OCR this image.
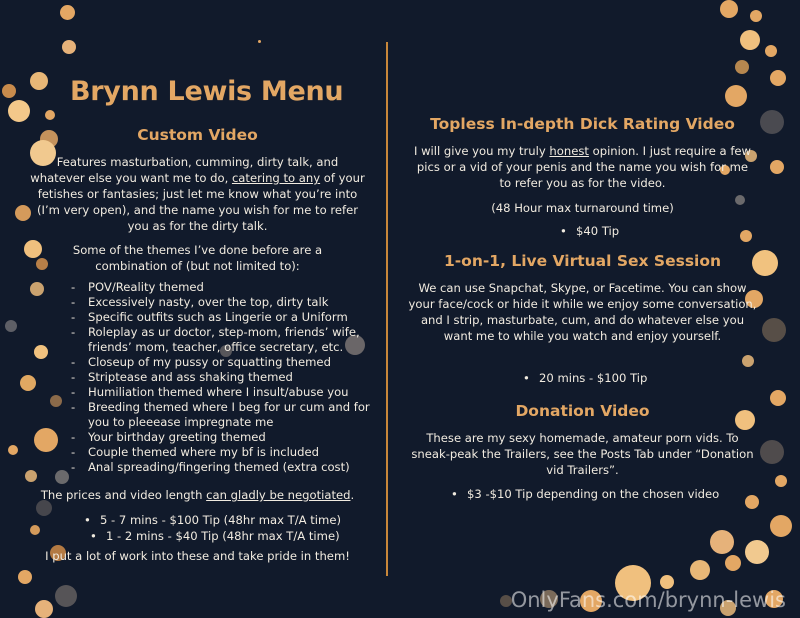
Brynn Lewis Menu
Custom Video

Features masturbation, cumming, dirty talk, and whatever else you want me to do, catering to any of your fetishes or fantasies; just let me know what you’re into (I’m very open), and the name you wish for me to refer you as for the dirty talk.

Some of the themes I’ve done before are a combination of (but not limited to):

- POV/Reality themed
- Excessively nasty, over the top, dirty talk
- Specific outfits such as Lingerie or a Uniform
- Roleplay as ur doctor, step-mom, friends’ wife, friends’ mom, teacher, office secretary, etc.
- Closeup of my pussy or squatting themed
- Striptease and ass shaking themed
- Humiliation themed where I insult/abuse you
- Breeding themed where I beg for ur cum and for you to pleeease impregnate me
- Your birthday greeting themed
- Couple themed where my bf is included
- Anal spreading/fingering themed (extra cost)

The prices and video length can gladly be negotiated.

• 5 - 7 mins - $100 Tip (48hr max T/A time)
• 1 - 2 mins - $40 Tip (48hr max T/A time)

I put a lot of work into these and take pride in them!

Topless In-depth Dick Rating Video

I will give you my truly honest opinion. I just require a few pics or a vid of your penis and the name you wish for me to refer you as for the video.

(48 Hour max turnaround time)

• $40 Tip
1-on-1, Live Virtual Sex Session

We can use Snapchat, Skype, or Facetime. You can show your face/cock or hide it while we enjoy some conversation, and I strip, masturbate, cum, and do whatever else you want me to while you watch and enjoy yourself.

• 20 mins - $100 Tip
Donation Video

These are my sexy homemade, amateur porn vids. To sneak-peak the Trailers, see the Posts Tab under “Donation vid Trailers”.

• $3 -$10 Tip depending on the chosen video
OnlyFans.com/brynn-lewis
